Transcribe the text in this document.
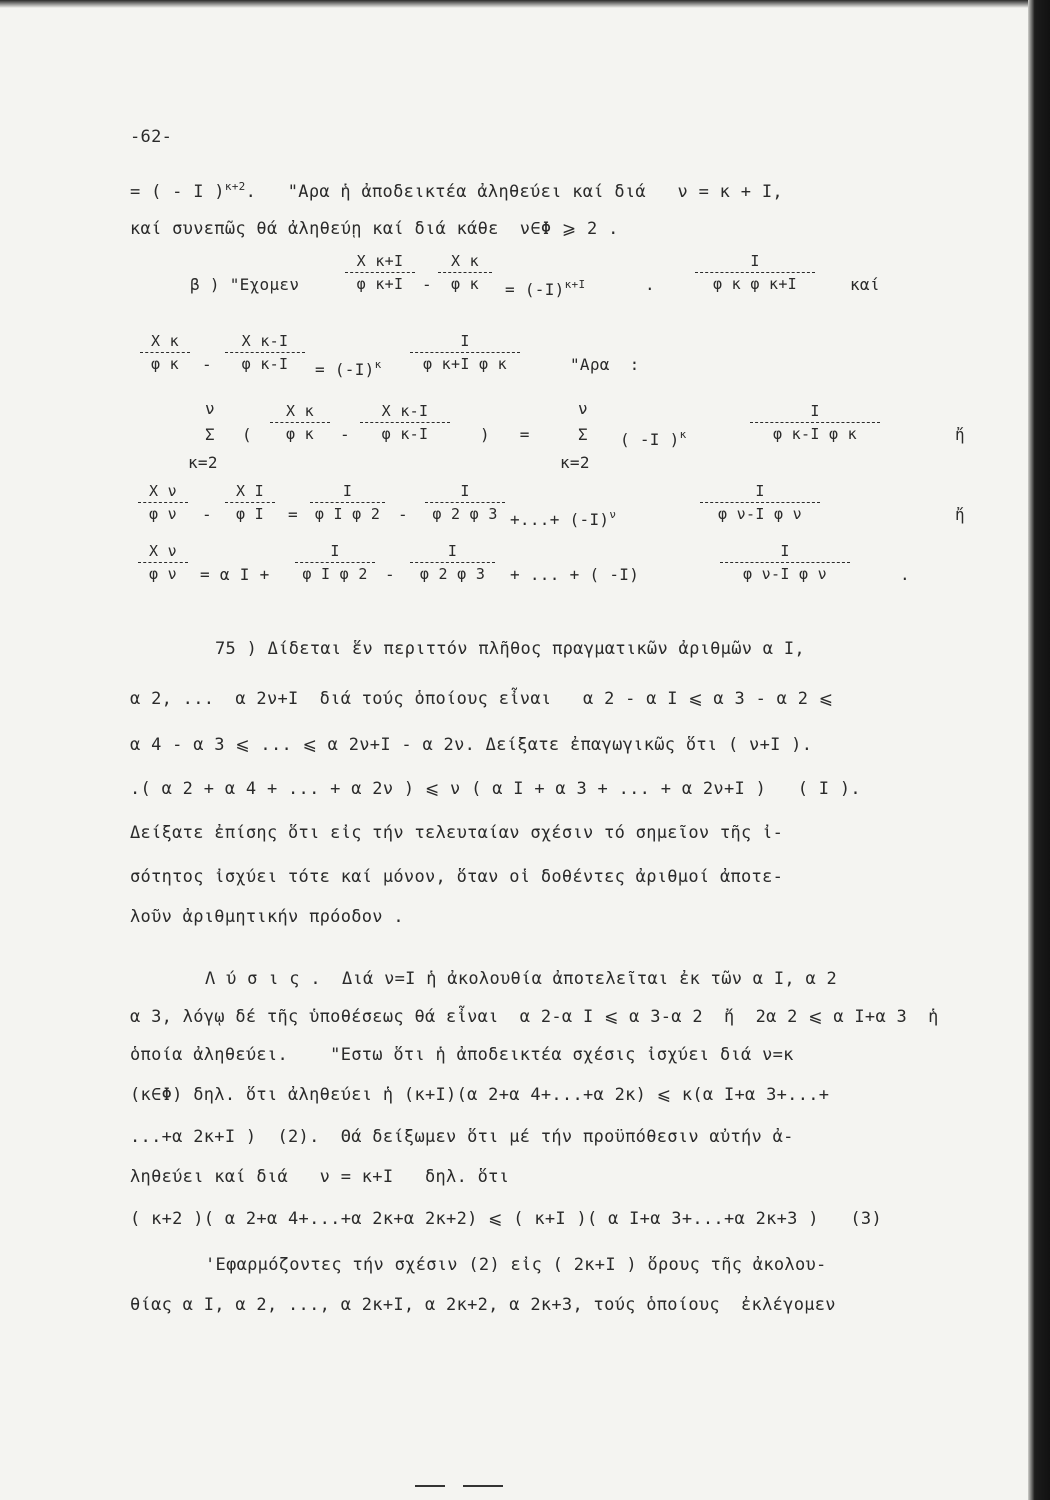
-62-
= ( - I )$^{\kappa+2}$.   "Αρα ἡ ἀποδεικτέα ἀληθεύει καί διά   ν = κ + I,
καί συνεπῶς θά ἀληθεύῃ καί διά κάθε  ν∈Φ ⩾ 2 .
β ) "Εχομεν
Χ κ+I
φ κ+I	-
Χ κ
φ κ	= $(-I)^{\kappa+I}$	.
I
φ κ φ κ+I	καί
Χ κ
φ κ	-
Χ κ-I
φ κ-I	= $(-I)^\kappa$
I
φ κ+I φ κ	"Αρα  :
ν
Σ
κ=2
(
Χ κ
φ κ	-
Χ κ-I
φ κ-I	)   =
ν
Σ
κ=2
( -I )$^\kappa$
I
φ κ-I φ κ	ἤ
Χ ν
φ ν	-
Χ I
φ I	=
I
φ I φ 2	-
I
φ 2 φ 3 +...+ $(-I)^\nu$
I
φ ν-I φ ν	ἤ
Χ ν
φ ν	= α I +
I
φ I φ 2	-
I
φ 2 φ 3	+ ... + ( -I)
I
φ ν-I φ ν	.
75 ) Δίδεται ἕν περιττόν πλῆθος πραγματικῶν ἀριθμῶν α I,
α 2, ...  α 2ν+I  διά τούς ὁποίους εἶναι   α 2 - α I ⩽ α 3 - α 2 ⩽
α 4 - α 3 ⩽ ... ⩽ α 2ν+I - α 2ν. Δείξατε ἐπαγωγικῶς ὅτι ( ν+I ).
.( α 2 + α 4 + ... + α 2ν ) ⩽ ν ( α I + α 3 + ... + α 2ν+I )   ( I ).
Δείξατε ἐπίσης ὅτι εἰς τήν τελευταίαν σχέσιν τό σημεῖον τῆς ἰ-
σότητος ἰσχύει τότε καί μόνον, ὅταν οἱ δοθέντες ἀριθμοί ἀποτε-
λοῦν ἀριθμητικήν πρόοδον .
Λ ύ σ ι ς .  Διά ν=I ἡ ἀκολουθία ἀποτελεῖται ἐκ τῶν α I, α 2
α 3, λόγῳ δέ τῆς ὑποθέσεως θά εἶναι  α 2-α I ⩽ α 3-α 2  ἤ  2α 2 ⩽ α I+α 3  ἡ
ὁποία ἀληθεύει.    "Εστω ὅτι ἡ ἀποδεικτέα σχέσις ἰσχύει διά ν=κ
(κ∈Φ) δηλ. ὅτι ἀληθεύει ἡ (κ+I)(α 2+α 4+...+α 2κ) ⩽ κ(α I+α 3+...+
...+α 2κ+I )  (2).  Θά δείξωμεν ὅτι μέ τήν προϋπόθεσιν αὐτήν ἀ-
ληθεύει καί διά   ν = κ+I   δηλ. ὅτι
( κ+2 )( α 2+α 4+...+α 2κ+α 2κ+2) ⩽ ( κ+I )( α I+α 3+...+α 2κ+3 )   (3)
'Εφαρμόζοντες τήν σχέσιν (2) εἰς ( 2κ+I ) ὅρους τῆς ἀκολου-
θίας α I, α 2, ..., α 2κ+I, α 2κ+2, α 2κ+3, τούς ὁποίους  ἐκλέγομεν
